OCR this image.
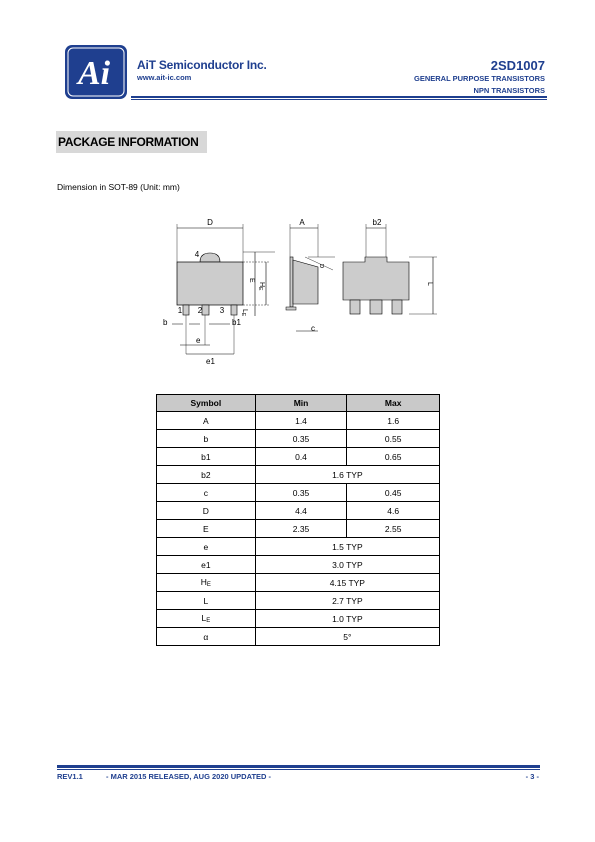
Ai AiT Semiconductor Inc.
www.ait-ic.com
2SD1007
GENERAL PURPOSE TRANSISTORS
NPN TRANSISTORS
PACKAGE INFORMATION
Dimension in SOT-89 (Unit: mm)
D
4
1 2 3
HE
E
LE
b	b1
e
e1
A
α
c
b2
L
Symbol	Min	Max
A	1.4	1.6
b	0.35	0.55
b1	0.4	0.65
b2	1.6 TYP	
c	0.35	0.45
D	4.4	4.6
E	2.35	2.55
e	1.5 TYP	
e1	3.0 TYP	
$H_E$	4.15 TYP	
L	2.7 TYP	
$L_E$	1.0 TYP	
α	5°	
REV1.1	- MAR 2015 RELEASED, AUG 2020 UPDATED -	- 3 -
